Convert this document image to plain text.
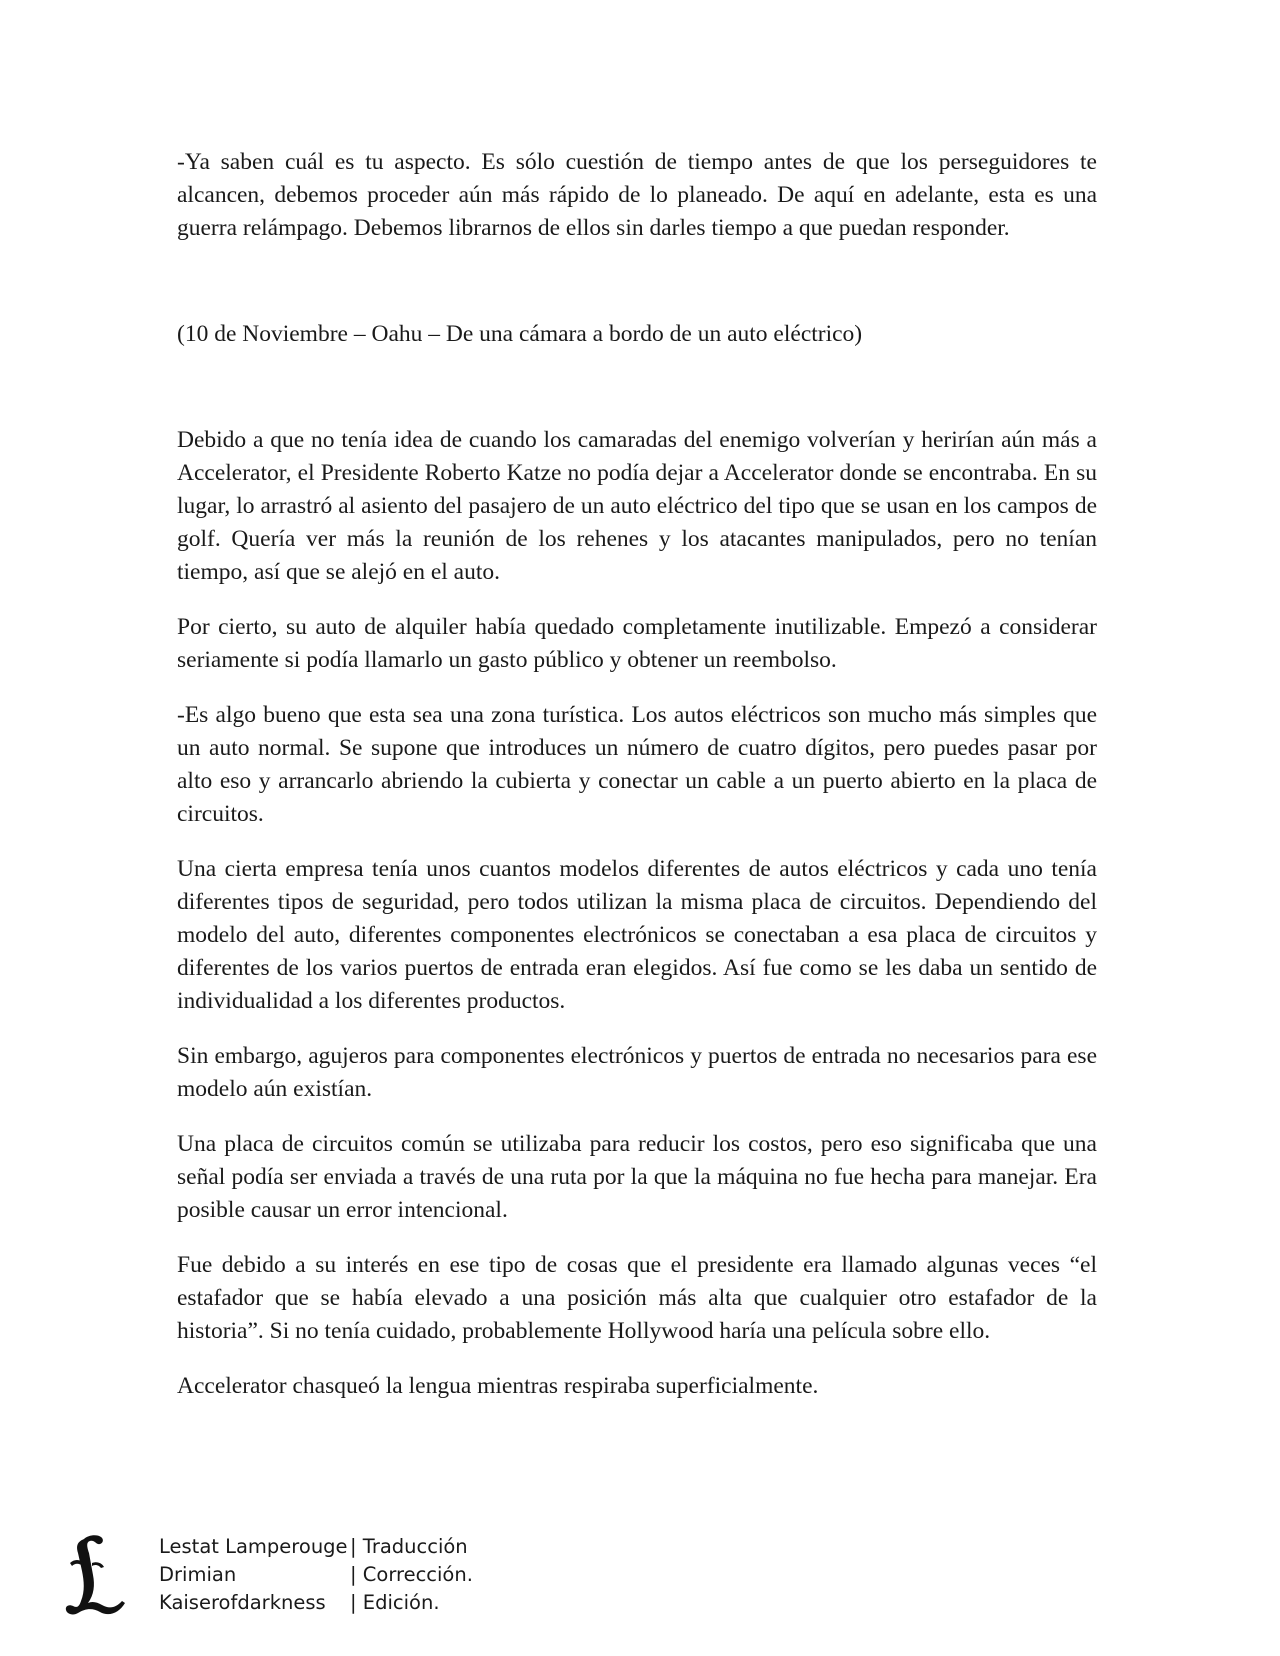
-Ya saben cuál es tu aspecto. Es sólo cuestión de tiempo antes de que los perseguidores te alcancen, debemos proceder aún más rápido de lo planeado. De aquí en adelante, esta es una guerra relámpago. Debemos librarnos de ellos sin darles tiempo a que puedan responder.

(10 de Noviembre – Oahu – De una cámara a bordo de un auto eléctrico)

Debido a que no tenía idea de cuando los camaradas del enemigo volverían y herirían aún más a Accelerator, el Presidente Roberto Katze no podía dejar a Accelerator donde se encontraba. En su lugar, lo arrastró al asiento del pasajero de un auto eléctrico del tipo que se usan en los campos de golf. Quería ver más la reunión de los rehenes y los atacantes manipulados, pero no tenían tiempo, así que se alejó en el auto.

Por cierto, su auto de alquiler había quedado completamente inutilizable. Empezó a considerar seriamente si podía llamarlo un gasto público y obtener un reembolso.

-Es algo bueno que esta sea una zona turística. Los autos eléctricos son mucho más simples que un auto normal. Se supone que introduces un número de cuatro dígitos, pero puedes pasar por alto eso y arrancarlo abriendo la cubierta y conectar un cable a un puerto abierto en la placa de circuitos.

Una cierta empresa tenía unos cuantos modelos diferentes de autos eléctricos y cada uno tenía diferentes tipos de seguridad, pero todos utilizan la misma placa de circuitos. Dependiendo del modelo del auto, diferentes componentes electrónicos se conectaban a esa placa de circuitos y diferentes de los varios puertos de entrada eran elegidos. Así fue como se les daba un sentido de individualidad a los diferentes productos.

Sin embargo, agujeros para componentes electrónicos y puertos de entrada no necesarios para ese modelo aún existían.

Una placa de circuitos común se utilizaba para reducir los costos, pero eso significaba que una señal podía ser enviada a través de una ruta por la que la máquina no fue hecha para manejar. Era posible causar un error intencional.

Fue debido a su interés en ese tipo de cosas que el presidente era llamado algunas veces “el estafador que se había elevado a una posición más alta que cualquier otro estafador de la historia”. Si no tenía cuidado, probablemente Hollywood haría una película sobre ello.

Accelerator chasqueó la lengua mientras respiraba superficialmente.

Lestat Lamperouge | Traducción
Drimian	| Corrección.
Kaiserofdarkness	| Edición.
